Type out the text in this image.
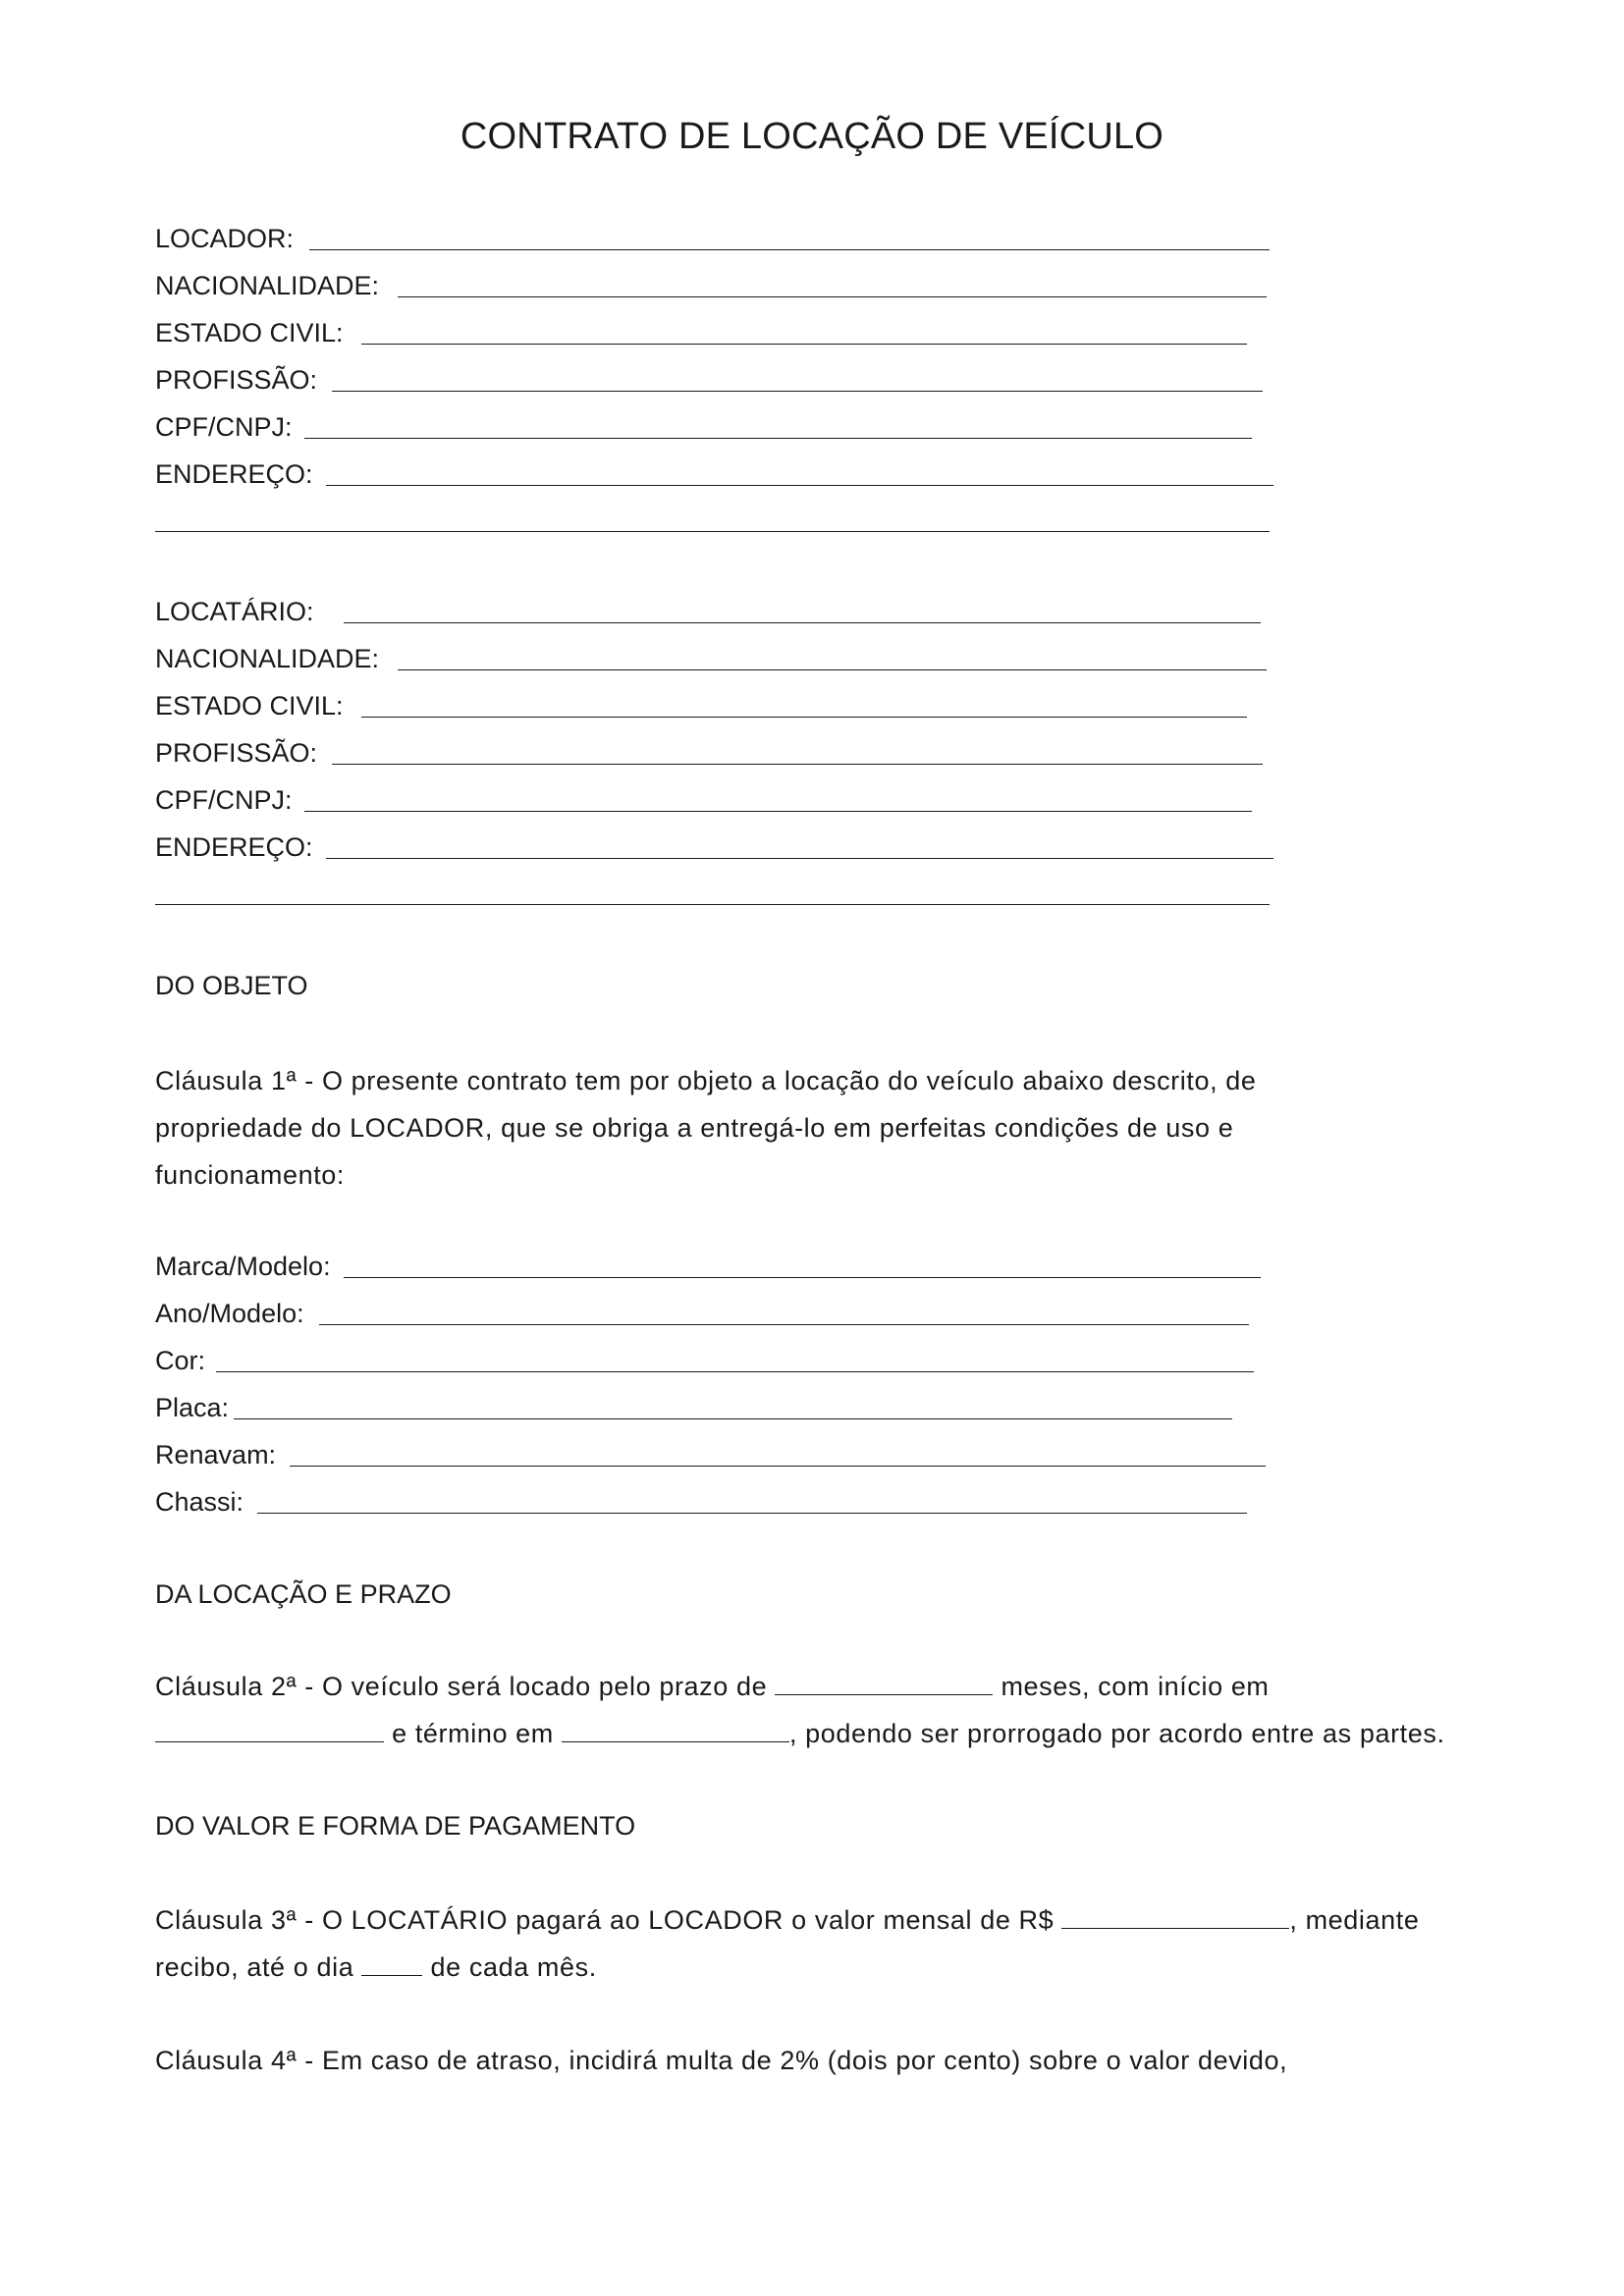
CONTRATO DE LOCAÇÃO DE VEÍCULO
LOCADOR:
NACIONALIDADE:
ESTADO CIVIL:
PROFISSÃO:
CPF/CNPJ:
ENDEREÇO:
LOCATÁRIO:
NACIONALIDADE:
ESTADO CIVIL:
PROFISSÃO:
CPF/CNPJ:
ENDEREÇO:
DO OBJETO
Cláusula 1ª - O presente contrato tem por objeto a locação do veículo abaixo descrito, de
propriedade do LOCADOR, que se obriga a entregá-lo em perfeitas condições de uso e
funcionamento:
Marca/Modelo:
Ano/Modelo:
Cor:
Placa:
Renavam:
Chassi:
DA LOCAÇÃO E PRAZO
Cláusula 2ª - O veículo será locado pelo prazo de	meses, com início em
e término em	, podendo ser prorrogado por acordo entre as partes.
DO VALOR E FORMA DE PAGAMENTO
Cláusula 3ª - O LOCATÁRIO pagará ao LOCADOR o valor mensal de R$	, mediante
recibo, até o dia	de cada mês.
Cláusula 4ª - Em caso de atraso, incidirá multa de 2% (dois por cento) sobre o valor devido,
